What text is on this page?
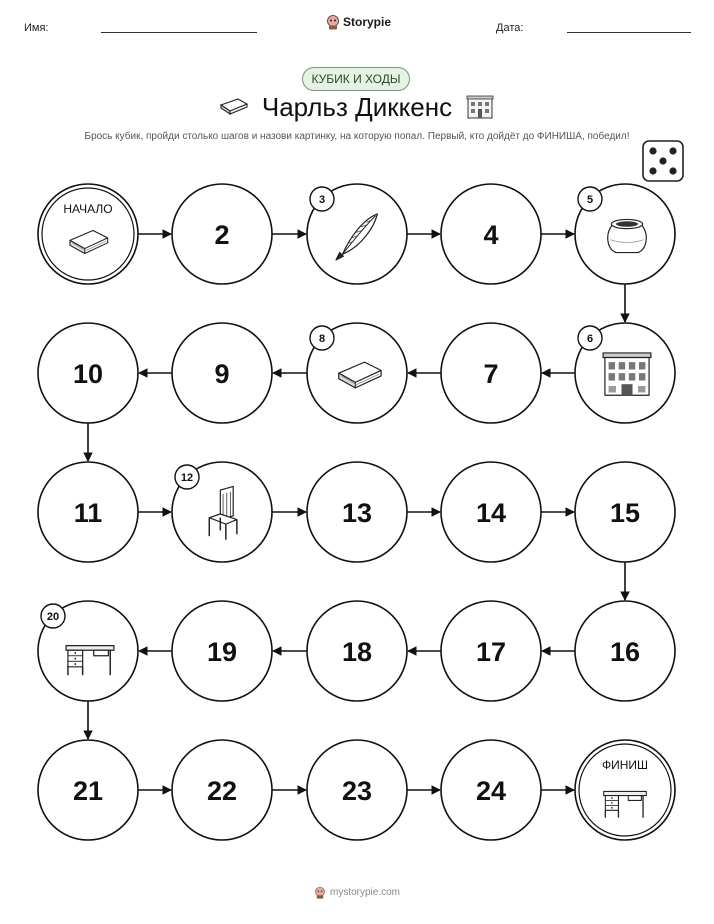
Имя:	Storypie	Дата:
КУБИК И ХОДЫ
Чарльз Диккенс
Брось кубик, пройди столько шагов и назови картинку, на которую попал. Первый, кто дойдёт до ФИНИША, победил!
НАЧАЛО
2
3
4
5
6
7
8
9
10
11
12
13	14	15
16
17
18
19
20
21	22	23	24
ФИНИШ
mystorypie.com
